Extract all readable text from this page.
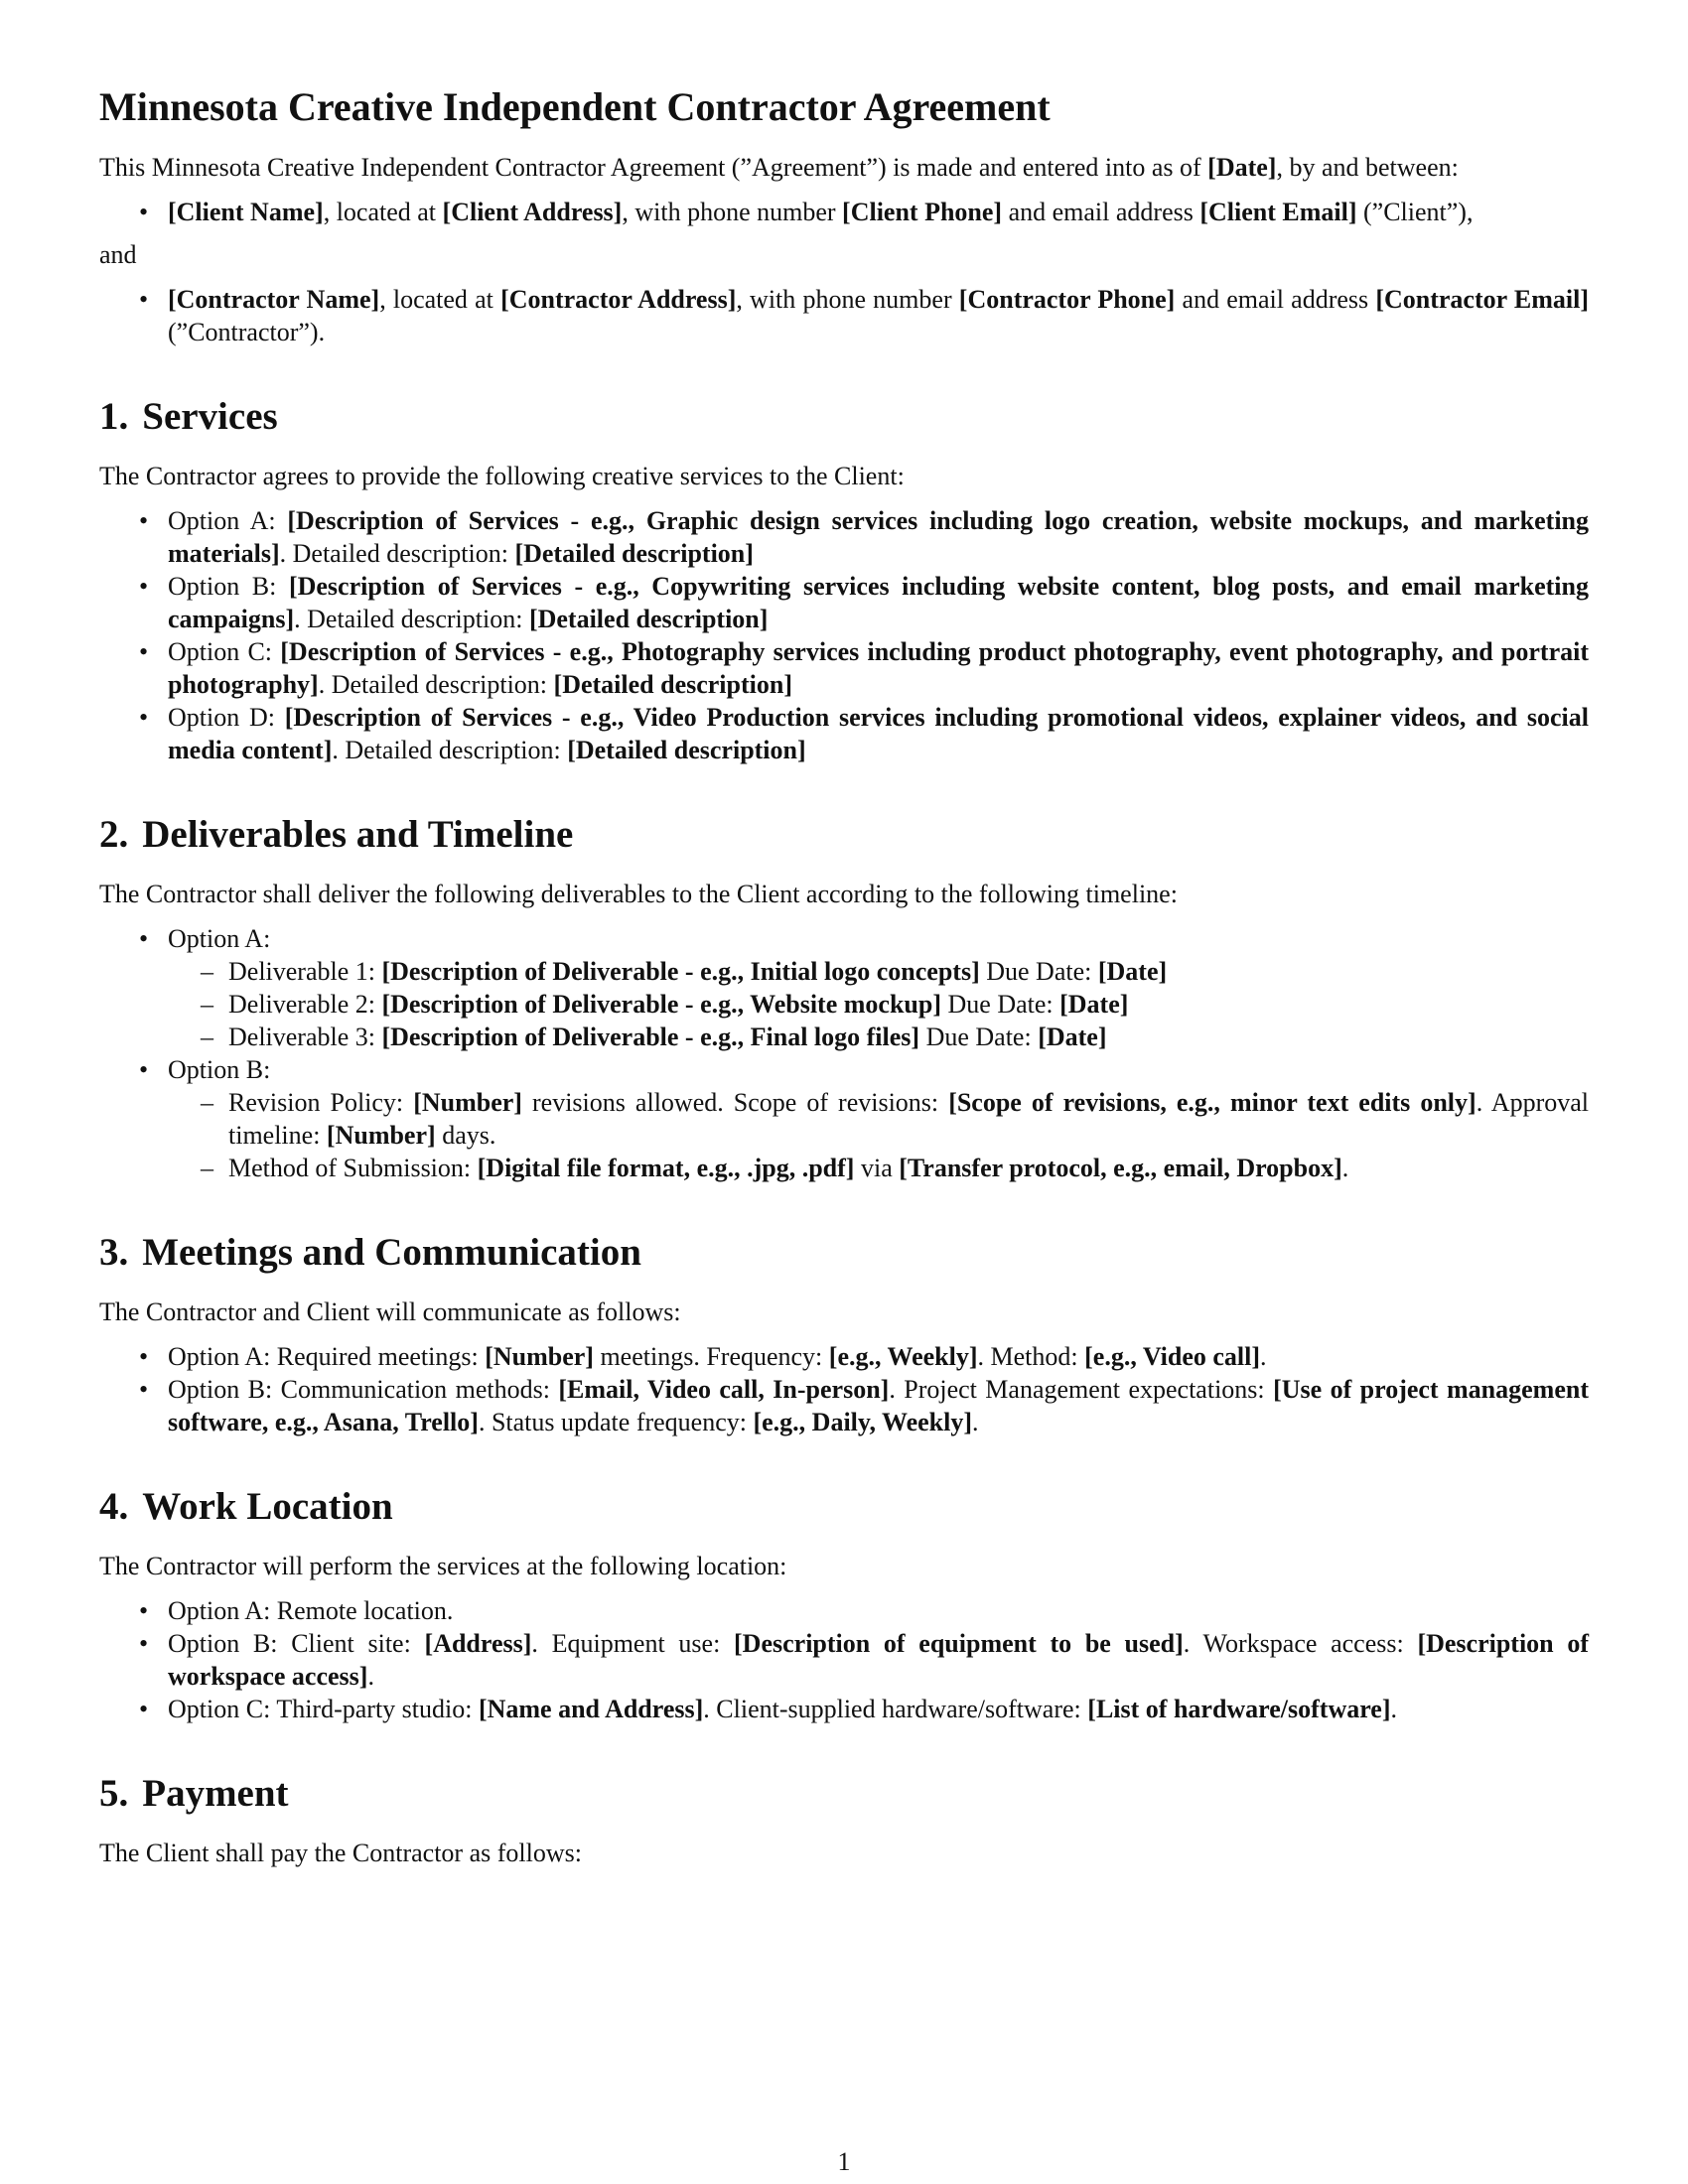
Minnesota Creative Independent Contractor Agreement

This Minnesota Creative Independent Contractor Agreement (”Agreement”) is made and entered into as of [Date], by and between:

• [Client Name], located at [Client Address], with phone number [Client Phone] and email address [Client Email] (”Client”),

and

• [Contractor Name], located at [Contractor Address], with phone number [Contractor Phone] and email address [Contractor Email] (”Contractor”).
1. Services

The Contractor agrees to provide the following creative services to the Client:

• Option A: [Description of Services - e.g., Graphic design services including logo creation, website mockups, and marketing materials]. Detailed description: [Detailed description]
• Option B: [Description of Services - e.g., Copywriting services including website content, blog posts, and email marketing campaigns]. Detailed description: [Detailed description]
• Option C: [Description of Services - e.g., Photography services including product photography, event photography, and portrait photography]. Detailed description: [Detailed description]
• Option D: [Description of Services - e.g., Video Production services including promotional videos, explainer videos, and social media content]. Detailed description: [Detailed description]
2. Deliverables and Timeline

The Contractor shall deliver the following deliverables to the Client according to the following timeline:

• Option A:
– Deliverable 1: [Description of Deliverable - e.g., Initial logo concepts] Due Date: [Date]
– Deliverable 2: [Description of Deliverable - e.g., Website mockup] Due Date: [Date]
– Deliverable 3: [Description of Deliverable - e.g., Final logo files] Due Date: [Date]
• Option B:
– Revision Policy: [Number] revisions allowed. Scope of revisions: [Scope of revisions, e.g., minor text edits only]. Approval timeline: [Number] days.
– Method of Submission: [Digital file format, e.g., .jpg, .pdf] via [Transfer protocol, e.g., email, Dropbox].
3. Meetings and Communication

The Contractor and Client will communicate as follows:

• Option A: Required meetings: [Number] meetings. Frequency: [e.g., Weekly]. Method: [e.g., Video call].
• Option B: Communication methods: [Email, Video call, In-person]. Project Management expectations: [Use of project management software, e.g., Asana, Trello]. Status update frequency: [e.g., Daily, Weekly].
4. Work Location

The Contractor will perform the services at the following location:

• Option A: Remote location.
• Option B: Client site: [Address]. Equipment use: [Description of equipment to be used]. Workspace access: [Description of workspace access].
• Option C: Third-party studio: [Name and Address]. Client-supplied hardware/software: [List of hardware/software].
5. Payment

The Client shall pay the Contractor as follows:

1
